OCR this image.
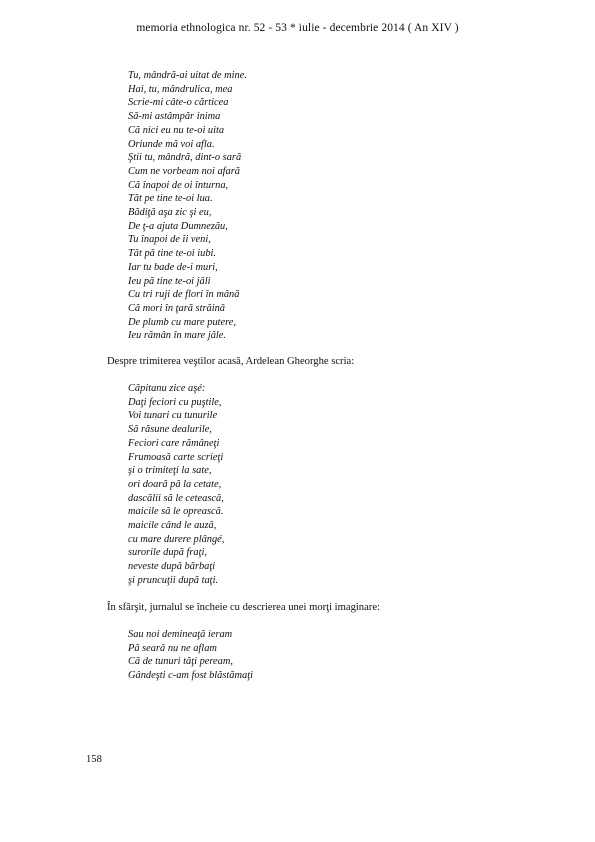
memoria ethnologica nr. 52 - 53 * iulie - decembrie 2014 ( An XIV )
Tu, mândră-ai uitat de mine.
Hai, tu, mândrulica, mea
Scrie-mi câte-o cărticea
Să-mi astâmpăr inima
Că nici eu nu te-oi uita
Oriunde mă voi afla.
Ştii tu, mândră, dint-o sară
Cum ne vorbeam noi afară
Că înapoi de oi înturna,
Tăt pe tine te-oi lua.
Bădiţă aşa zic şi eu,
De ţ-a ajuta Dumnezău,
Tu înapoi de îi veni,
Tăt pă tine te-oi iubi.
Iar tu bade de-i muri,
Ieu pă tine te-oi jăli
Cu tri ruji de flori în mână
Că mori în ţară străină
De plumb cu mare putere,
Ieu rămân în mare jăle.

Despre trimiterea veştilor acasă, Ardelean Gheorghe scria:

Căpitanu zice aşé:
Daţi feciori cu puştile,
Voi tunari cu tunurile
Să răsune dealurile,
Feciori care rămâneţi
Frumoasă carte scrieţi
şi o trimiteţi la sate,
ori doară pă la cetate,
dascălii să le cetească,
maicile să le oprească.
maicile când le auză,
cu mare durere plângé,
surorile după fraţi,
neveste după bărbaţi
şi pruncuţii după taţi.

În sfârşit, jurnalul se încheie cu descrierea unei morţi imaginare:

Sau noi demineaţă ieram
Pă seară nu ne aflam
Că de tunuri tăţi peream,
Gândeşti c-am fost blăstămaţi
158
